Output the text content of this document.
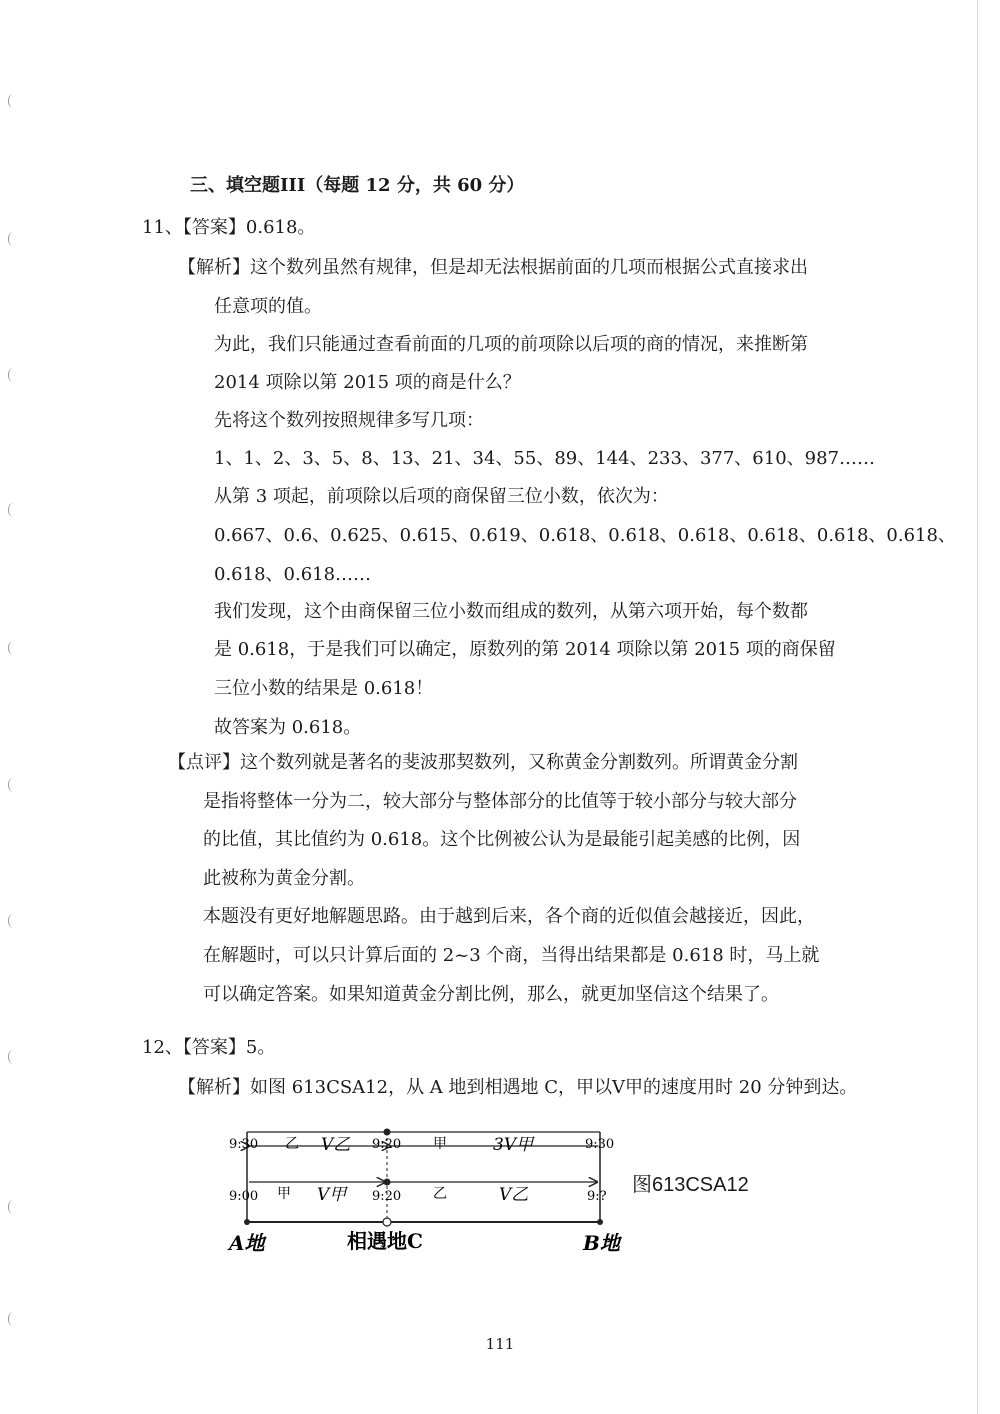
三、填空题III（每题 12 分，共 60 分）
11、【答案】0.618。
【解析】这个数列虽然有规律，但是却无法根据前面的几项而根据公式直接求出
任意项的值。
为此，我们只能通过查看前面的几项的前项除以后项的商的情况，来推断第
2014 项除以第 2015 项的商是什么？
先将这个数列按照规律多写几项：
1、1、2、3、5、8、13、21、34、55、89、144、233、377、610、987……
从第 3 项起，前项除以后项的商保留三位小数，依次为：
0.667、0.6、0.625、0.615、0.619、0.618、0.618、0.618、0.618、0.618、0.618、
0.618、0.618……
我们发现，这个由商保留三位小数而组成的数列，从第六项开始，每个数都
是 0.618，于是我们可以确定，原数列的第 2014 项除以第 2015 项的商保留
三位小数的结果是 0.618！
故答案为 0.618。
【点评】这个数列就是著名的斐波那契数列，又称黄金分割数列。所谓黄金分割
是指将整体一分为二，较大部分与整体部分的比值等于较小部分与较大部分
的比值，其比值约为 0.618。这个比例被公认为是最能引起美感的比例，因
此被称为黄金分割。
本题没有更好地解题思路。由于越到后来，各个商的近似值会越接近，因此，
在解题时，可以只计算后面的 2~3 个商，当得出结果都是 0.618 时，马上就
可以确定答案。如果知道黄金分割比例，那么，就更加坚信这个结果了。
12、【答案】5。
【解析】如图 613CSA12，从 A 地到相遇地 C，甲以V甲的速度用时 20 分钟到达。
9:30 乙 V乙 9:20 甲	3V甲	9:30
9:00 甲 V甲 9:20 乙	V乙	9:?
A地	相遇地C	B地
图613CSA12
111
